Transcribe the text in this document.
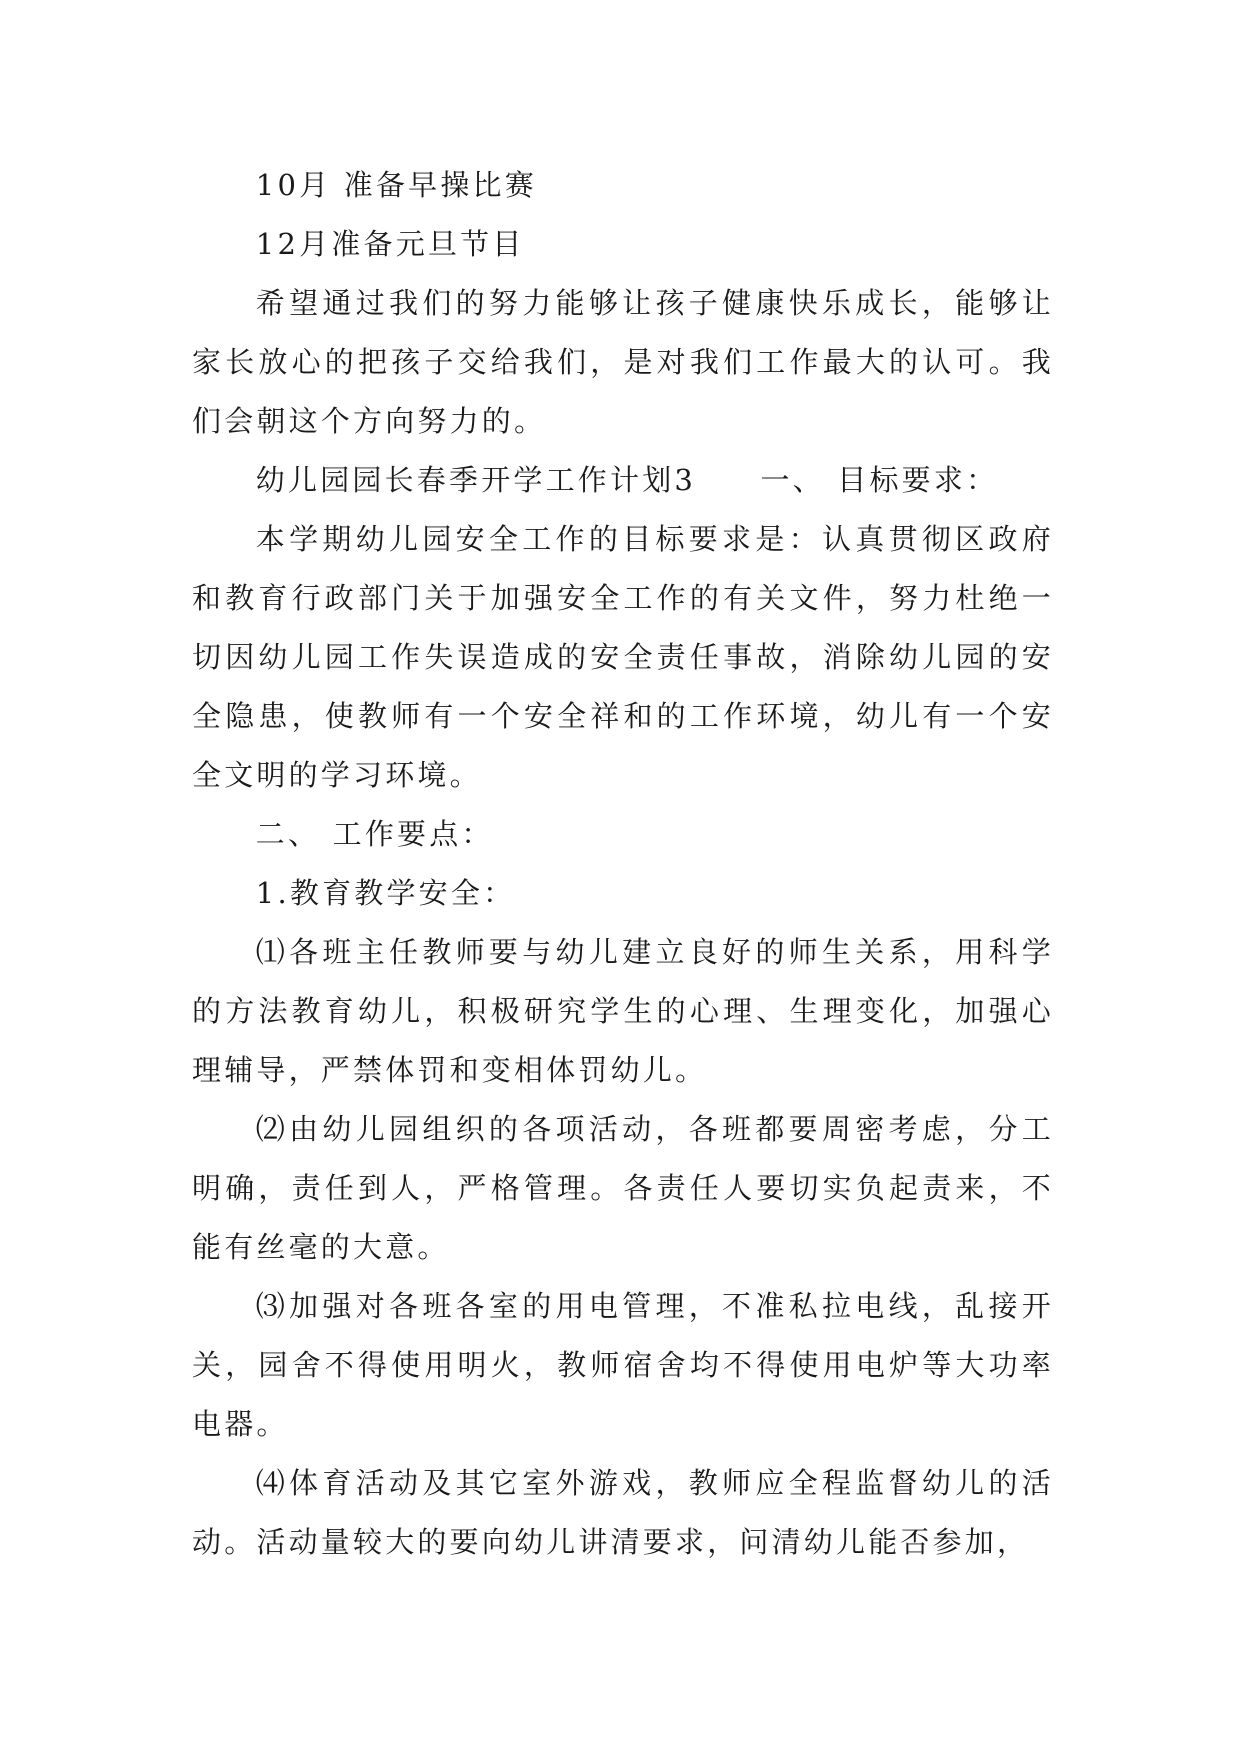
10月 准备早操比赛

12月准备元旦节目

希望通过我们的努力能够让孩子健康快乐成长，能够让家长放心的把孩子交给我们，是对我们工作最大的认可。我们会朝这个方向努力的。

幼儿园园长春季开学工作计划3　　一、 目标要求：

本学期幼儿园安全工作的目标要求是：认真贯彻区政府和教育行政部门关于加强安全工作的有关文件，努力杜绝一切因幼儿园工作失误造成的安全责任事故，消除幼儿园的安全隐患，使教师有一个安全祥和的工作环境，幼儿有一个安全文明的学习环境。

二、 工作要点：

1.教育教学安全：

⑴各班主任教师要与幼儿建立良好的师生关系，用科学的方法教育幼儿，积极研究学生的心理、生理变化，加强心理辅导，严禁体罚和变相体罚幼儿。

⑵由幼儿园组织的各项活动，各班都要周密考虑，分工明确，责任到人，严格管理。各责任人要切实负起责来，不能有丝毫的大意。

⑶加强对各班各室的用电管理，不准私拉电线，乱接开关，园舍不得使用明火，教师宿舍均不得使用电炉等大功率电器。

⑷体育活动及其它室外游戏，教师应全程监督幼儿的活动。活动量较大的要向幼儿讲清要求，问清幼儿能否参加，
